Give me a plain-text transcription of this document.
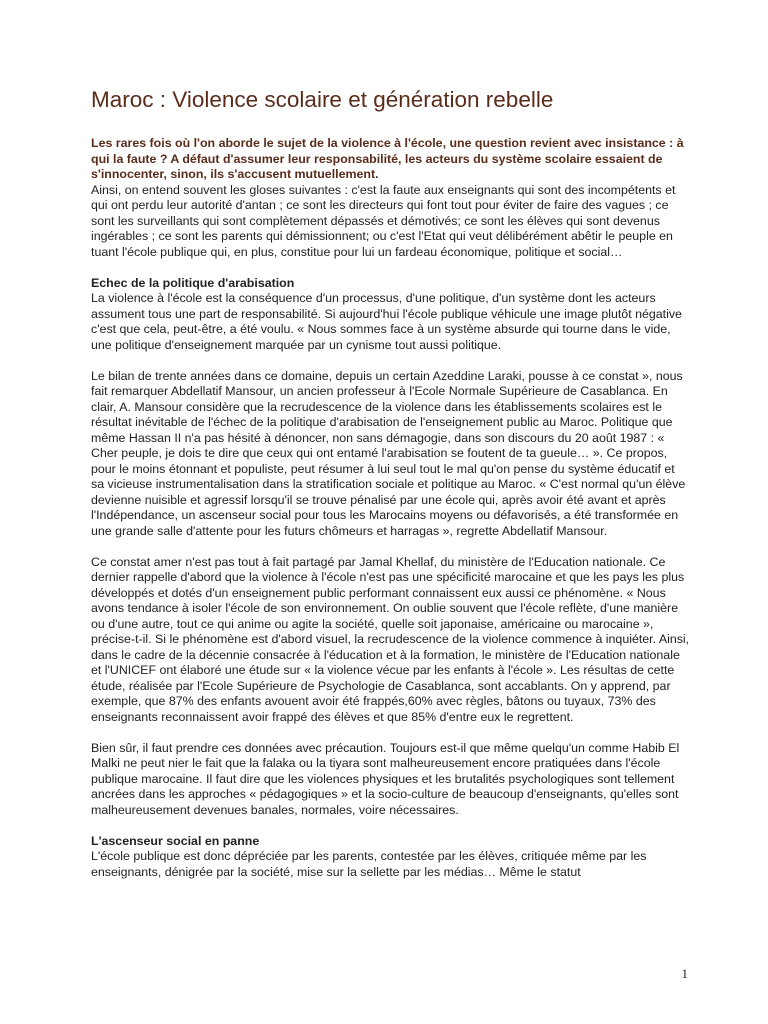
Maroc : Violence scolaire et génération rebelle
Les rares fois où l'on aborde le sujet de la violence à l'école, une question revient avec insistance : à qui la faute ? A défaut d'assumer leur responsabilité, les acteurs du système scolaire essaient de s'innocenter, sinon, ils s'accusent mutuellement.

Ainsi, on entend souvent les gloses suivantes : c'est la faute aux enseignants qui sont des incompétents et qui ont perdu leur autorité d'antan ; ce sont les directeurs qui font tout pour éviter de faire des vagues ; ce sont les surveillants qui sont complètement dépassés et démotivés; ce sont les élèves qui sont devenus ingérables ; ce sont les parents qui démissionnent; ou c'est l'Etat qui veut délibérément abêtir le peuple en tuant l'école publique qui, en plus, constitue pour lui un fardeau économique, politique et social…

Echec de la politique d'arabisation

La violence à l'école est la conséquence d'un processus, d'une politique, d'un système dont les acteurs assument tous une part de responsabilité. Si aujourd'hui l'école publique véhicule une image plutôt négative c'est que cela, peut-être, a été voulu. « Nous sommes face à un système absurde qui tourne dans le vide, une politique d'enseignement marquée par un cynisme tout aussi politique.

Le bilan de trente années dans ce domaine, depuis un certain Azeddine Laraki, pousse à ce constat », nous fait remarquer Abdellatif Mansour, un ancien professeur à l'Ecole Normale Supérieure de Casablanca. En clair, A. Mansour considère que la recrudescence de la violence dans les établissements scolaires est le résultat inévitable de l'échec de la politique d'arabisation de l'enseignement public au Maroc. Politique que même Hassan II n'a pas hésité à dénoncer, non sans démagogie, dans son discours du 20 août 1987 : « Cher peuple, je dois te dire que ceux qui ont entamé l'arabisation se foutent de ta gueule… ». Ce propos, pour le moins étonnant et populiste, peut résumer à lui seul tout le mal qu'on pense du système éducatif et sa vicieuse instrumentalisation dans la stratification sociale et politique au Maroc. « C'est normal qu'un élève devienne nuisible et agressif lorsqu'il se trouve pénalisé par une école qui, après avoir été avant et après l'Indépendance, un ascenseur social pour tous les Marocains moyens ou défavorisés, a été transformée en une grande salle d'attente pour les futurs chômeurs et harragas », regrette Abdellatif Mansour.

Ce constat amer n'est pas tout à fait partagé par Jamal Khellaf, du ministère de l'Education nationale. Ce dernier rappelle d'abord que la violence à l'école n'est pas une spécificité marocaine et que les pays les plus développés et dotés d'un enseignement public performant connaissent eux aussi ce phénomène. « Nous avons tendance à isoler l'école de son environnement. On oublie souvent que l'école reflète, d'une manière ou d'une autre, tout ce qui anime ou agite la société, quelle soit japonaise, américaine ou marocaine », précise-t-il. Si le phénomène est d'abord visuel, la recrudescence de la violence commence à inquiéter. Ainsi, dans le cadre de la décennie consacrée à l'éducation et à la formation, le ministère de l'Education nationale et l'UNICEF ont élaboré une étude sur « la violence vécue par les enfants à l'école ». Les résultas de cette étude, réalisée par l'Ecole Supérieure de Psychologie de Casablanca, sont accablants. On y apprend, par exemple, que 87% des enfants avouent avoir été frappés,60% avec règles, bâtons ou tuyaux, 73% des enseignants reconnaissent avoir frappé des élèves et que 85% d'entre eux le regrettent.

Bien sûr, il faut prendre ces données avec précaution. Toujours est-il que même quelqu'un comme Habib El Malki ne peut nier le fait que la falaka ou la tiyara sont malheureusement encore pratiquées dans l'école publique marocaine. Il faut dire que les violences physiques et les brutalités psychologiques sont tellement ancrées dans les approches « pédagogiques » et la socio-culture de beaucoup d'enseignants, qu'elles sont malheureusement devenues banales, normales, voire nécessaires.

L'ascenseur social en panne

L'école publique est donc dépréciée par les parents, contestée par les élèves, critiquée même par les enseignants, dénigrée par la société, mise sur la sellette par les médias… Même le statut

1
